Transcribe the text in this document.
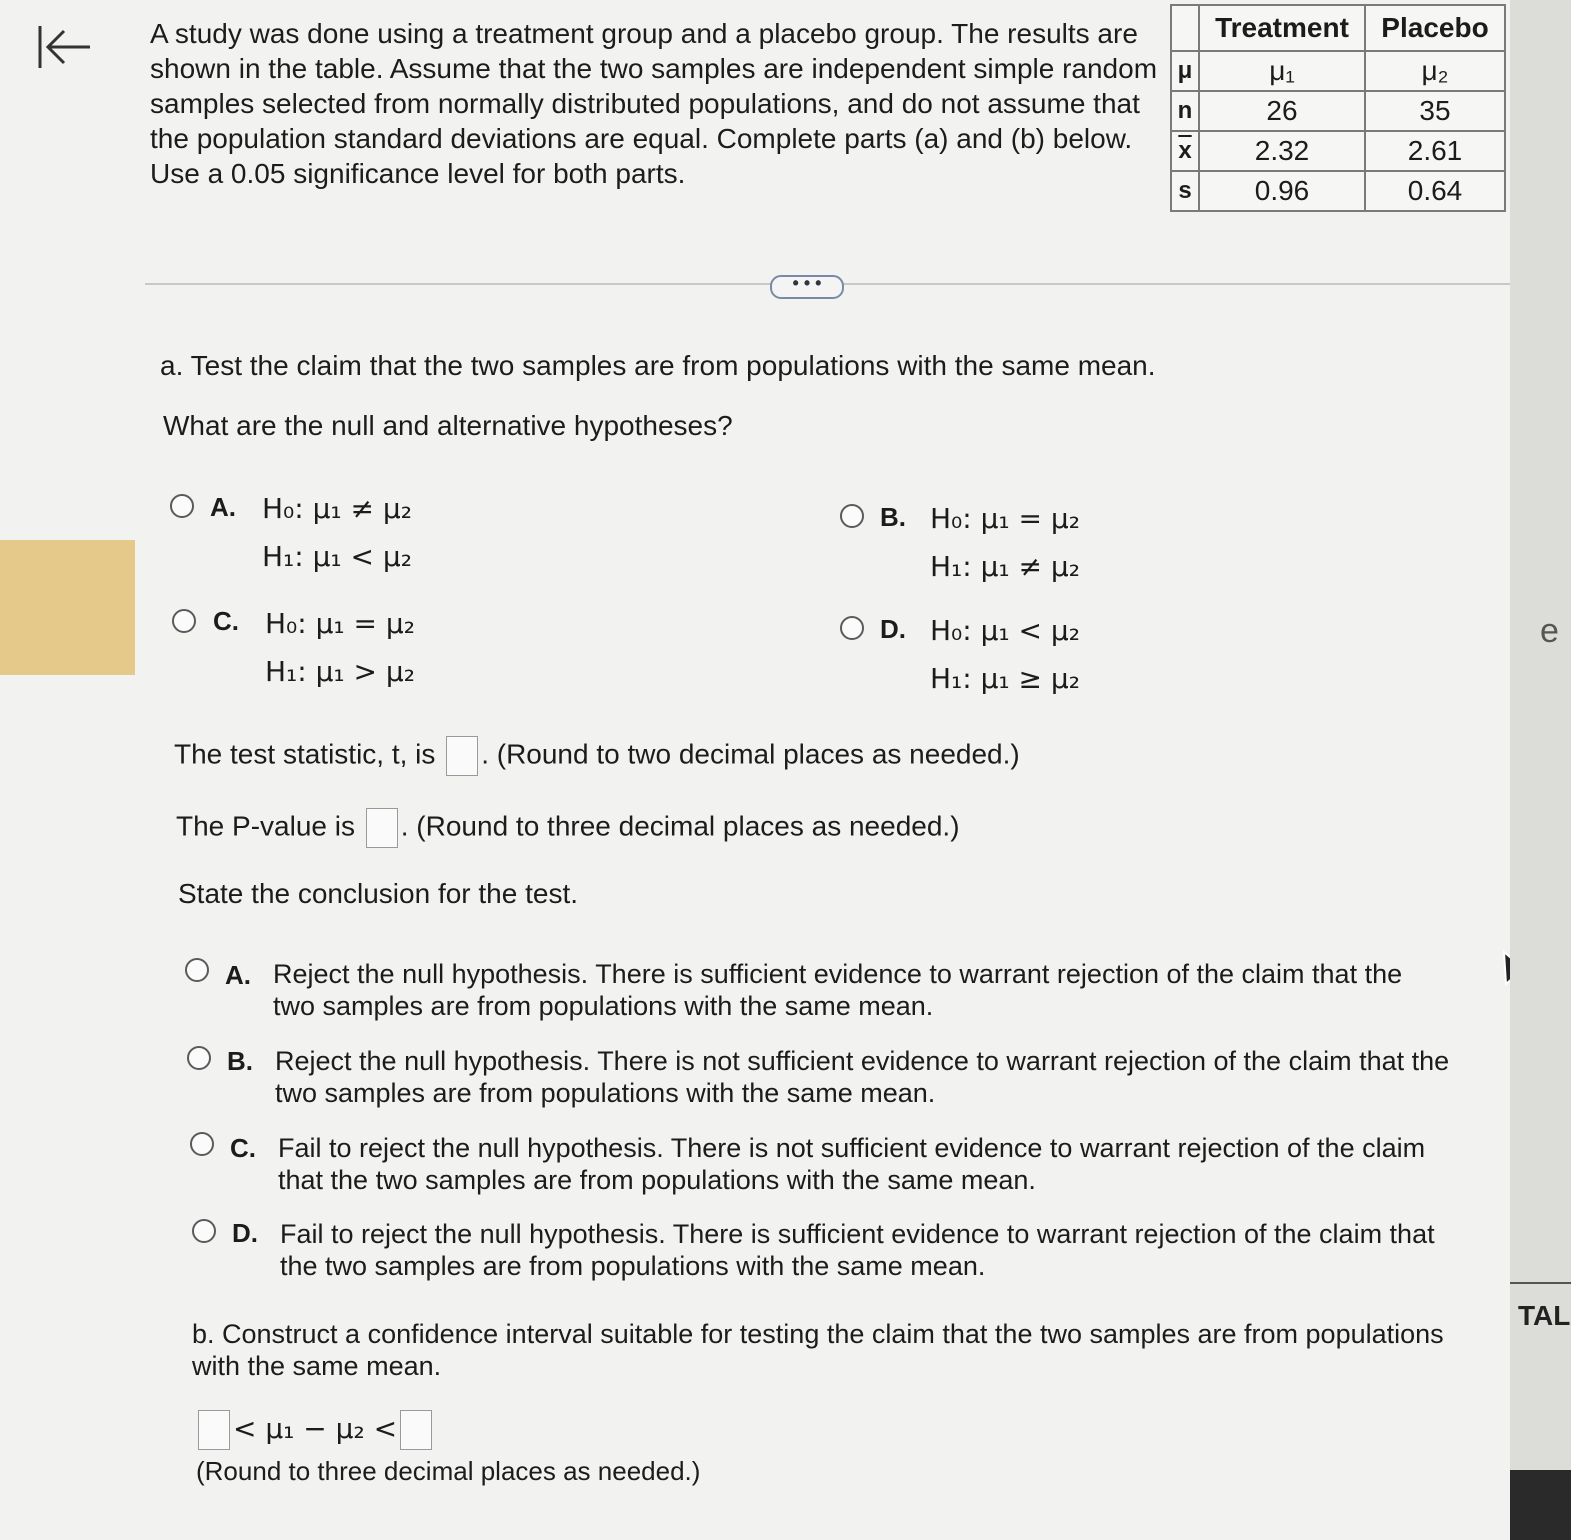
A study was done using a treatment group and a placebo group. The results are shown in the table. Assume that the two samples are independent simple random samples selected from normally distributed populations, and do not assume that the population standard deviations are equal. Complete parts (a) and (b) below. Use a 0.05 significance level for both parts.
	Treatment	Placebo
μ	μ₁	μ₂
n	26	35
$\overline{x}$	2.32	2.61
s	0.96	0.64
• • •
a. Test the claim that the two samples are from populations with the same mean.
What are the null and alternative hypotheses?
A. H₀: μ₁ ≠ μ₂
H₁: μ₁ < μ₂
B. H₀: μ₁ = μ₂
H₁: μ₁ ≠ μ₂
C. H₀: μ₁ = μ₂
H₁: μ₁ > μ₂
D. H₀: μ₁ < μ₂
H₁: μ₁ ≥ μ₂
The test statistic, t, is . (Round to two decimal places as needed.)
The P-value is . (Round to three decimal places as needed.)
State the conclusion for the test.
A. Reject the null hypothesis. There is sufficient evidence to warrant rejection of the claim that the two samples are from populations with the same mean.
B. Reject the null hypothesis. There is not sufficient evidence to warrant rejection of the claim that the two samples are from populations with the same mean.
C. Fail to reject the null hypothesis. There is not sufficient evidence to warrant rejection of the claim that the two samples are from populations with the same mean.
D. Fail to reject the null hypothesis. There is sufficient evidence to warrant rejection of the claim that the two samples are from populations with the same mean.
b. Construct a confidence interval suitable for testing the claim that the two samples are from populations with the same mean.
< μ₁ − μ₂ <
(Round to three decimal places as needed.)
e
TAL
